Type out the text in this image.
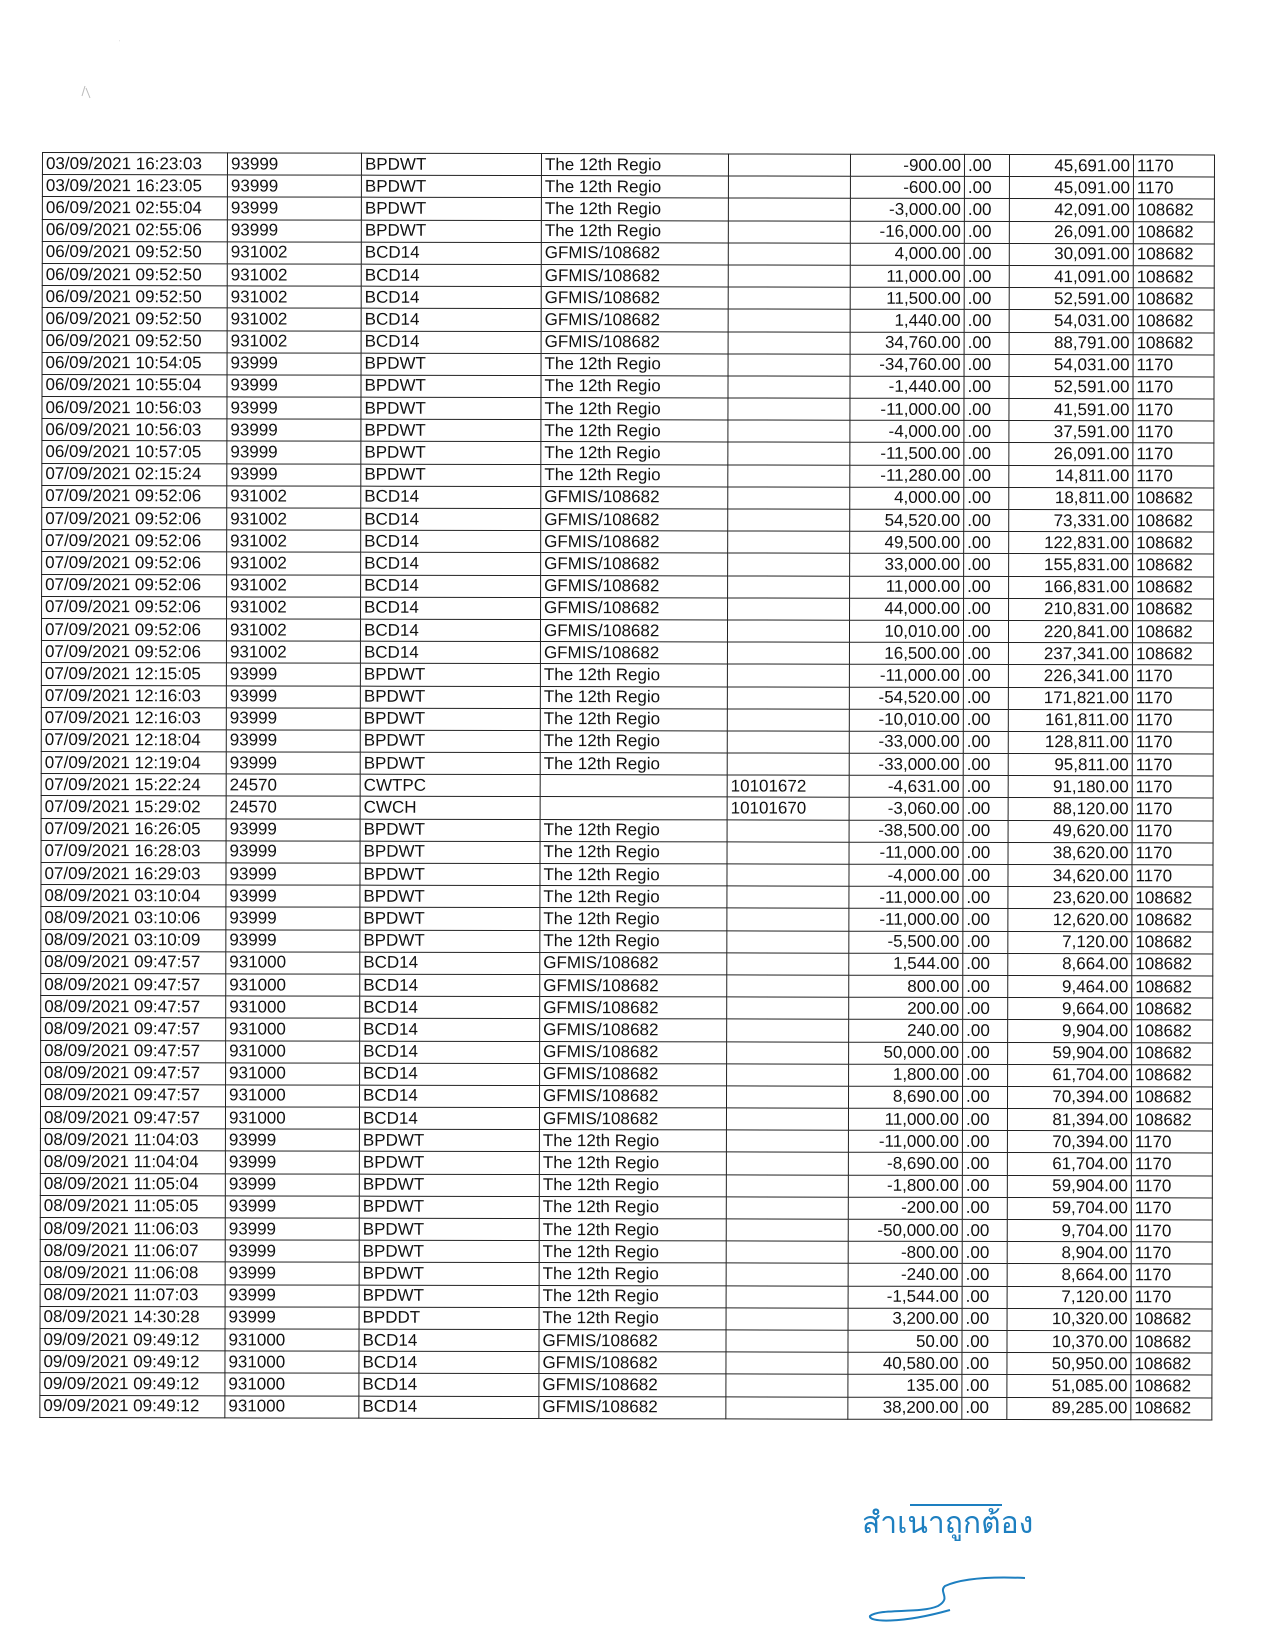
03/09/2021 16:23:03	93999	BPDWT	The 12th Regio		-900.00	.00	45,691.00	1170
03/09/2021 16:23:05	93999	BPDWT	The 12th Regio		-600.00	.00	45,091.00	1170
06/09/2021 02:55:04	93999	BPDWT	The 12th Regio		-3,000.00	.00	42,091.00	108682
06/09/2021 02:55:06	93999	BPDWT	The 12th Regio		-16,000.00	.00	26,091.00	108682
06/09/2021 09:52:50	931002	BCD14	GFMIS/108682		4,000.00	.00	30,091.00	108682
06/09/2021 09:52:50	931002	BCD14	GFMIS/108682		11,000.00	.00	41,091.00	108682
06/09/2021 09:52:50	931002	BCD14	GFMIS/108682		11,500.00	.00	52,591.00	108682
06/09/2021 09:52:50	931002	BCD14	GFMIS/108682		1,440.00	.00	54,031.00	108682
06/09/2021 09:52:50	931002	BCD14	GFMIS/108682		34,760.00	.00	88,791.00	108682
06/09/2021 10:54:05	93999	BPDWT	The 12th Regio		-34,760.00	.00	54,031.00	1170
06/09/2021 10:55:04	93999	BPDWT	The 12th Regio		-1,440.00	.00	52,591.00	1170
06/09/2021 10:56:03	93999	BPDWT	The 12th Regio		-11,000.00	.00	41,591.00	1170
06/09/2021 10:56:03	93999	BPDWT	The 12th Regio		-4,000.00	.00	37,591.00	1170
06/09/2021 10:57:05	93999	BPDWT	The 12th Regio		-11,500.00	.00	26,091.00	1170
07/09/2021 02:15:24	93999	BPDWT	The 12th Regio		-11,280.00	.00	14,811.00	1170
07/09/2021 09:52:06	931002	BCD14	GFMIS/108682		4,000.00	.00	18,811.00	108682
07/09/2021 09:52:06	931002	BCD14	GFMIS/108682		54,520.00	.00	73,331.00	108682
07/09/2021 09:52:06	931002	BCD14	GFMIS/108682		49,500.00	.00	122,831.00	108682
07/09/2021 09:52:06	931002	BCD14	GFMIS/108682		33,000.00	.00	155,831.00	108682
07/09/2021 09:52:06	931002	BCD14	GFMIS/108682		11,000.00	.00	166,831.00	108682
07/09/2021 09:52:06	931002	BCD14	GFMIS/108682		44,000.00	.00	210,831.00	108682
07/09/2021 09:52:06	931002	BCD14	GFMIS/108682		10,010.00	.00	220,841.00	108682
07/09/2021 09:52:06	931002	BCD14	GFMIS/108682		16,500.00	.00	237,341.00	108682
07/09/2021 12:15:05	93999	BPDWT	The 12th Regio		-11,000.00	.00	226,341.00	1170
07/09/2021 12:16:03	93999	BPDWT	The 12th Regio		-54,520.00	.00	171,821.00	1170
07/09/2021 12:16:03	93999	BPDWT	The 12th Regio		-10,010.00	.00	161,811.00	1170
07/09/2021 12:18:04	93999	BPDWT	The 12th Regio		-33,000.00	.00	128,811.00	1170
07/09/2021 12:19:04	93999	BPDWT	The 12th Regio		-33,000.00	.00	95,811.00	1170
07/09/2021 15:22:24	24570	CWTPC		10101672	-4,631.00	.00	91,180.00	1170
07/09/2021 15:29:02	24570	CWCH		10101670	-3,060.00	.00	88,120.00	1170
07/09/2021 16:26:05	93999	BPDWT	The 12th Regio		-38,500.00	.00	49,620.00	1170
07/09/2021 16:28:03	93999	BPDWT	The 12th Regio		-11,000.00	.00	38,620.00	1170
07/09/2021 16:29:03	93999	BPDWT	The 12th Regio		-4,000.00	.00	34,620.00	1170
08/09/2021 03:10:04	93999	BPDWT	The 12th Regio		-11,000.00	.00	23,620.00	108682
08/09/2021 03:10:06	93999	BPDWT	The 12th Regio		-11,000.00	.00	12,620.00	108682
08/09/2021 03:10:09	93999	BPDWT	The 12th Regio		-5,500.00	.00	7,120.00	108682
08/09/2021 09:47:57	931000	BCD14	GFMIS/108682		1,544.00	.00	8,664.00	108682
08/09/2021 09:47:57	931000	BCD14	GFMIS/108682		800.00	.00	9,464.00	108682
08/09/2021 09:47:57	931000	BCD14	GFMIS/108682		200.00	.00	9,664.00	108682
08/09/2021 09:47:57	931000	BCD14	GFMIS/108682		240.00	.00	9,904.00	108682
08/09/2021 09:47:57	931000	BCD14	GFMIS/108682		50,000.00	.00	59,904.00	108682
08/09/2021 09:47:57	931000	BCD14	GFMIS/108682		1,800.00	.00	61,704.00	108682
08/09/2021 09:47:57	931000	BCD14	GFMIS/108682		8,690.00	.00	70,394.00	108682
08/09/2021 09:47:57	931000	BCD14	GFMIS/108682		11,000.00	.00	81,394.00	108682
08/09/2021 11:04:03	93999	BPDWT	The 12th Regio		-11,000.00	.00	70,394.00	1170
08/09/2021 11:04:04	93999	BPDWT	The 12th Regio		-8,690.00	.00	61,704.00	1170
08/09/2021 11:05:04	93999	BPDWT	The 12th Regio		-1,800.00	.00	59,904.00	1170
08/09/2021 11:05:05	93999	BPDWT	The 12th Regio		-200.00	.00	59,704.00	1170
08/09/2021 11:06:03	93999	BPDWT	The 12th Regio		-50,000.00	.00	9,704.00	1170
08/09/2021 11:06:07	93999	BPDWT	The 12th Regio		-800.00	.00	8,904.00	1170
08/09/2021 11:06:08	93999	BPDWT	The 12th Regio		-240.00	.00	8,664.00	1170
08/09/2021 11:07:03	93999	BPDWT	The 12th Regio		-1,544.00	.00	7,120.00	1170
08/09/2021 14:30:28	93999	BPDDT	The 12th Regio		3,200.00	.00	10,320.00	108682
09/09/2021 09:49:12	931000	BCD14	GFMIS/108682		50.00	.00	10,370.00	108682
09/09/2021 09:49:12	931000	BCD14	GFMIS/108682		40,580.00	.00	50,950.00	108682
09/09/2021 09:49:12	931000	BCD14	GFMIS/108682		135.00	.00	51,085.00	108682
09/09/2021 09:49:12	931000	BCD14	GFMIS/108682		38,200.00	.00	89,285.00	108682
สำเนาถูกต้อง
